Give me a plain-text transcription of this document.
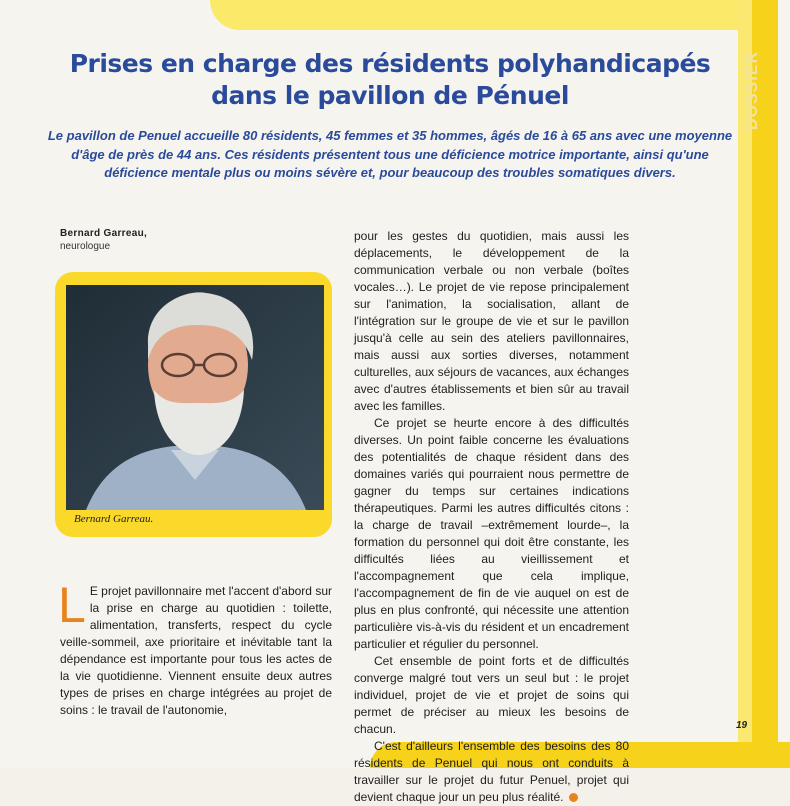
DOSSIER
Prises en charge des résidents polyhandicapés dans le pavillon de Pénuel
Le pavillon de Penuel accueille 80 résidents, 45 femmes et 35 hommes, âgés de 16 à 65 ans avec une moyenne d'âge de près de 44 ans. Ces résidents présentent tous une déficience motrice importante, ainsi qu'une déficience mentale plus ou moins sévère et, pour beaucoup des troubles somatiques divers.
Bernard Garreau,
neurologue
Bernard Garreau.
L E projet pavillonnaire met l'accent d'abord sur la prise en charge au quotidien : toilette, alimentation, transferts, respect du cycle veille-sommeil, axe prioritaire et inévitable tant la dépendance est importante pour tous les actes de la vie quotidienne. Viennent ensuite deux autres types de prises en charge intégrées au projet de soins : le travail de l'autonomie,

pour les gestes du quotidien, mais aussi les déplacements, le développement de la communication verbale ou non verbale (boîtes vocales…). Le projet de vie repose principalement sur l'animation, la socialisation, allant de l'intégration sur le groupe de vie et sur le pavillon jusqu'à celle au sein des ateliers pavillonnaires, mais aussi aux sorties diverses, notamment culturelles, aux séjours de vacances, aux échanges avec d'autres établissements et bien sûr au travail avec les familles.

Ce projet se heurte encore à des difficultés diverses. Un point faible concerne les évaluations des potentialités de chaque résident dans des domaines variés qui pourraient nous permettre de gagner du temps sur certaines indications thérapeutiques. Parmi les autres difficultés citons : la charge de travail –extrêmement lourde–, la formation du personnel qui doit être constante, les difficultés liées au vieillissement et l'accompagnement que cela implique, l'accompagnement de fin de vie auquel on est de plus en plus confronté, qui nécessite une attention particulière vis-à-vis du résident et un encadrement particulier et régulier du personnel.

Cet ensemble de point forts et de difficultés converge malgré tout vers un seul but : le projet individuel, projet de vie et projet de soins qui permet de préciser au mieux les besoins de chacun.

C'est d'ailleurs l'ensemble des besoins des 80 résidents de Penuel qui nous ont conduits à travailler sur le projet du futur Penuel, projet qui devient chaque jour un peu plus réalité.

19
